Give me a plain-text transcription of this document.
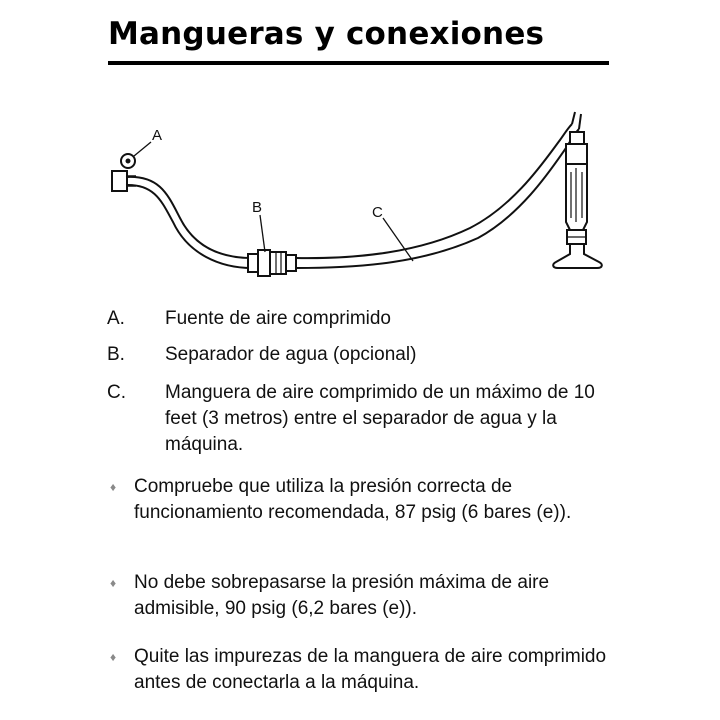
Mangueras y conexiones
A
B	C
A.	Fuente de aire comprimido
B.	Separador de agua (opcional)
C.	Manguera de aire comprimido de un máximo de 10 feet (3 metros) entre el separador de agua y la máquina.
♦ Compruebe que utiliza la presión correcta de funcionamiento recomendada, 87 psig (6 bares (e)).
♦ No debe sobrepasarse la presión máxima de aire admisible, 90 psig (6,2 bares (e)).
♦ Quite las impurezas de la manguera de aire comprimido antes de conectarla a la máquina.
